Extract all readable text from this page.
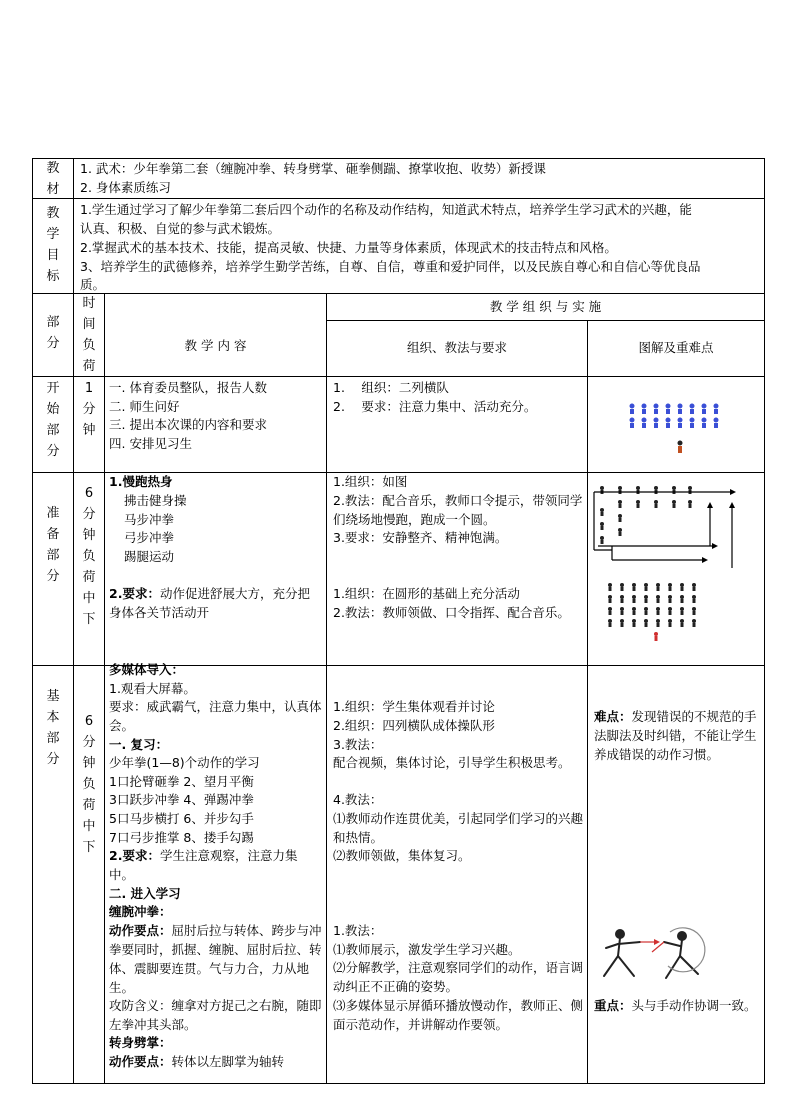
教
材
1. 武术：少年拳第二套（缠腕冲拳、转身劈掌、砸拳侧踹、撩掌收抱、收势）新授课
2. 身体素质练习
教
学
目
标
1.学生通过学习了解少年拳第二套后四个动作的名称及动作结构，知道武术特点，培养学生学习武术的兴趣，能
认真、积极、自觉的参与武术锻炼。
2.掌握武术的基本技术、技能，提高灵敏、快捷、力量等身体素质，体现武术的技击特点和风格。
3、培养学生的武德修养，培养学生勤学苦练，自尊、自信，尊重和爱护同伴，以及民族自尊心和自信心等优良品
质。
部
分
时
间
负
荷
教 学 内 容
教 学 组 织 与 实 施
组织、教法与要求	图解及重难点
开
始
部
分
1
分
钟
一. 体育委员整队，报告人数
二. 师生问好
三. 提出本次课的内容和要求
四. 安排见习生
1.　 组织：二列横队
2.　 要求：注意力集中、活动充分。
准
备
部
分
6
分
钟
负
荷
中
下
1.慢跑热身
拂击健身操
马步冲拳
弓步冲拳
踢腿运动
2.要求：动作促进舒展大方，充分把身体各关节活动开
1.组织：如图
2.教法：配合音乐，教师口令提示，带领同学们绕场地慢跑，跑成一个圆。
3.要求：安静整齐、精神饱满。
1.组织：在圆形的基础上充分活动
2.教法：教师领做、口令指挥、配合音乐。
基
本
部
分
6
分
钟
负
荷
中
下
多媒体导入：
1.观看大屏幕。
要求：威武霸气，注意力集中，认真体会。
一. 复习：
少年拳(1—8)个动作的学习
1口抡臂砸拳 2、望月平衡
3口跃步冲拳 4、弹踢冲拳
5口马步横打 6、并步勾手
7口弓步推掌 8、搂手勾踢
2.要求：学生注意观察，注意力集中。
二. 进入学习
缠腕冲拳：
动作要点：屈肘后拉与转体、跨步与冲拳要同时，抓握、缠腕、屈肘后拉、转体、震脚要连贯。气与力合，力从地生。
攻防含义：缠拿对方捉己之右腕，随即左拳冲其头部。
转身劈掌：
动作要点：转体以左脚掌为轴转
1.组织：学生集体观看并讨论
2.组织：四列横队成体操队形
3.教法：
配合视频，集体讨论，引导学生积极思考。
4.教法：
⑴教师动作连贯优美，引起同学们学习的兴趣和热情。
⑵教师领做，集体复习。
1.教法：
⑴教师展示，激发学生学习兴趣。
⑵分解教学，注意观察同学们的动作，语言调动纠正不正确的姿势。
⑶多媒体显示屏循环播放慢动作，教师正、侧面示范动作，并讲解动作要领。
难点：发现错误的不规范的手法脚法及时纠错，不能让学生养成错误的动作习惯。
重点：头与手动作协调一致。
